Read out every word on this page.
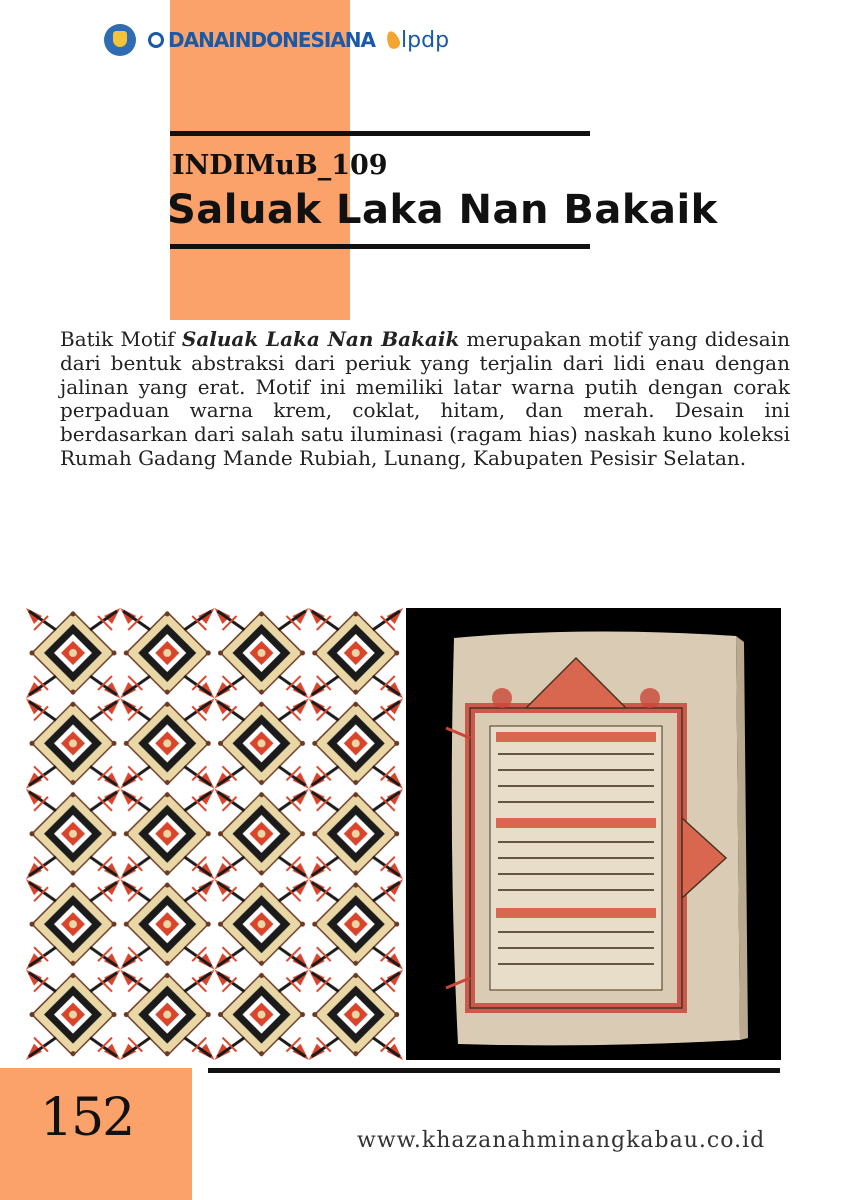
DANAINDONESIANA lpdp
INDIMuB_109
Saluak Laka Nan Bakaik

Batik Motif Saluak Laka Nan Bakaik merupakan motif yang didesain dari bentuk abstraksi dari periuk yang terjalin dari lidi enau dengan jalinan yang erat. Motif ini memiliki latar warna putih dengan corak perpaduan warna krem, coklat, hitam, dan merah. Desain ini berdasarkan dari salah satu iluminasi (ragam hias) naskah kuno koleksi Rumah Gadang Mande Rubiah, Lunang, Kabupaten Pesisir Selatan.

152	www.khazanahminangkabau.co.id
